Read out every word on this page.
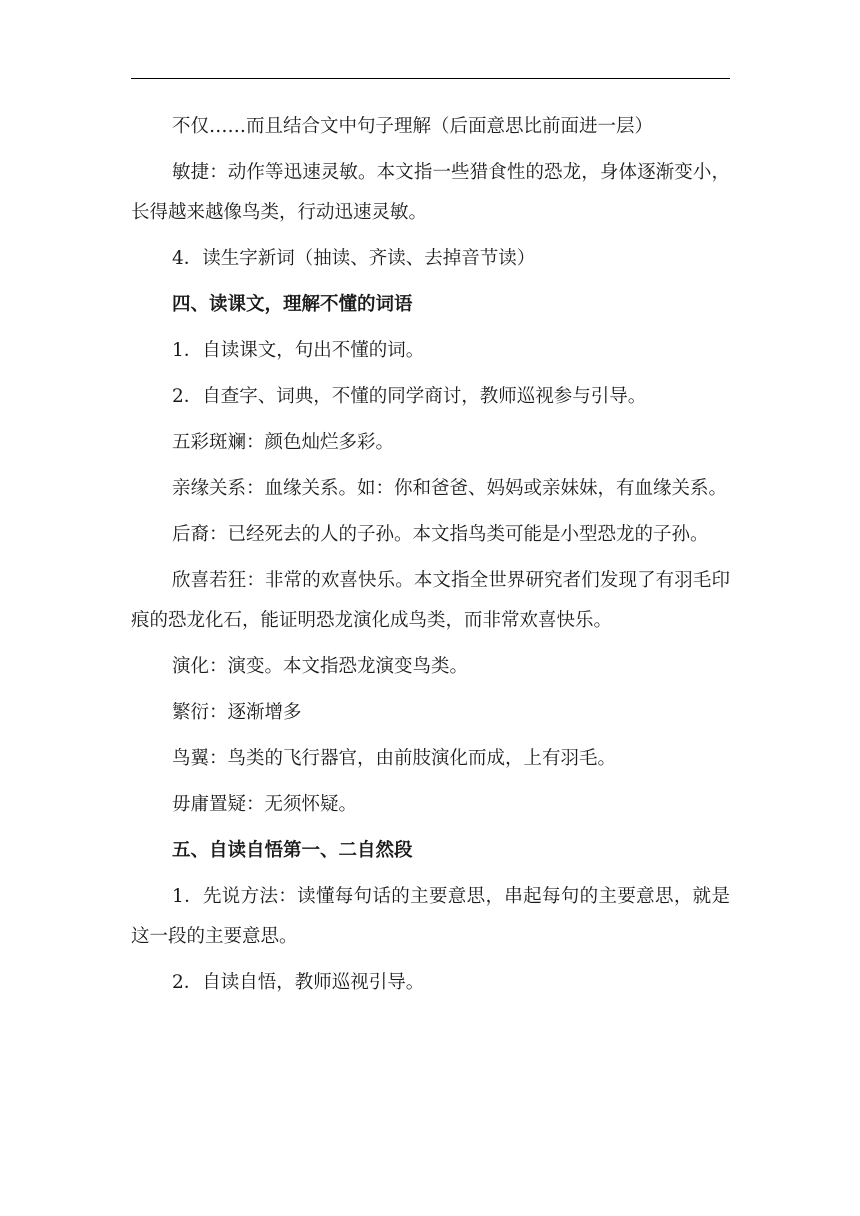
不仅……而且结合文中句子理解（后面意思比前面进一层）

敏捷：动作等迅速灵敏。本文指一些猎食性的恐龙，身体逐渐变小，长得越来越像鸟类，行动迅速灵敏。

4．读生字新词（抽读、齐读、去掉音节读）

四、读课文，理解不懂的词语

1．自读课文，句出不懂的词。

2．自查字、词典，不懂的同学商讨，教师巡视参与引导。

五彩斑斓：颜色灿烂多彩。

亲缘关系：血缘关系。如：你和爸爸、妈妈或亲妹妹，有血缘关系。

后裔：已经死去的人的子孙。本文指鸟类可能是小型恐龙的子孙。

欣喜若狂：非常的欢喜快乐。本文指全世界研究者们发现了有羽毛印痕的恐龙化石，能证明恐龙演化成鸟类，而非常欢喜快乐。

演化：演变。本文指恐龙演变鸟类。

繁衍：逐渐增多

鸟翼：鸟类的飞行器官，由前肢演化而成，上有羽毛。

毋庸置疑：无须怀疑。

五、自读自悟第一、二自然段

1．先说方法：读懂每句话的主要意思，串起每句的主要意思，就是这一段的主要意思。

2．自读自悟，教师巡视引导。
